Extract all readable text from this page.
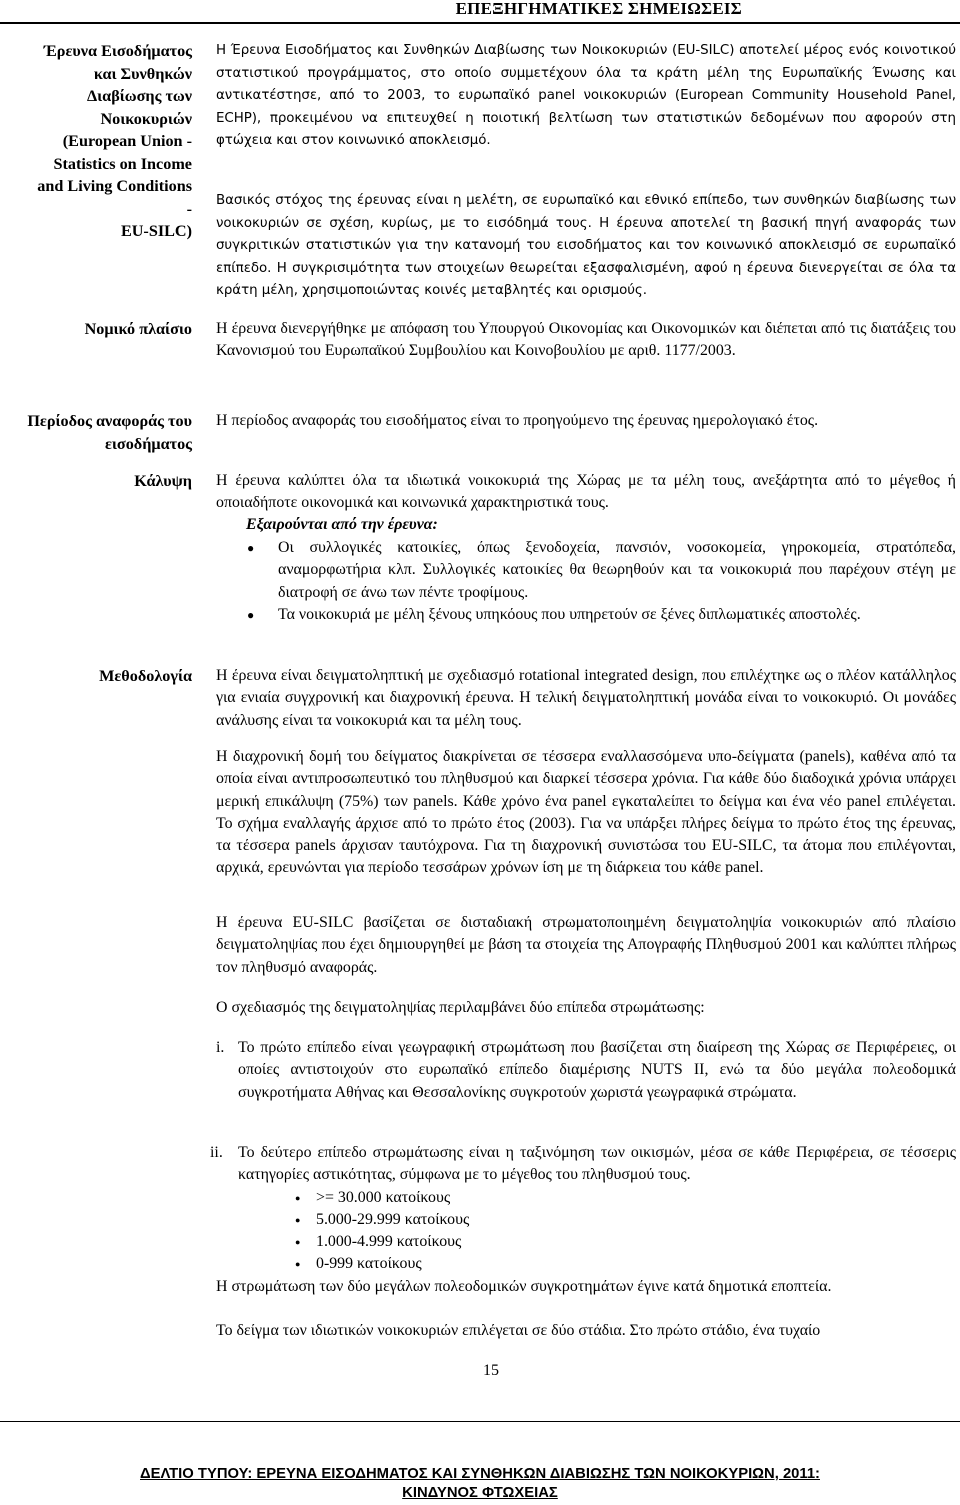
ΕΠΕΞΗΓΗΜΑΤΙΚΕΣ ΣΗΜΕΙΩΣΕΙΣ
Έρευνα Εισοδήματος
και Συνθηκών
Διαβίωσης των
Νοικοκυριών
(European Union -
Statistics on Income
and Living Conditions
-
EU-SILC)
Η Έρευνα Εισοδήματος και Συνθηκών Διαβίωσης των Νοικοκυριών (EU-SILC) αποτελεί μέρος ενός κοινοτικού στατιστικού προγράμματος, στο οποίο συμμετέχουν όλα τα κράτη μέλη της Ευρωπαϊκής Ένωσης και αντικατέστησε, από το 2003, το ευρωπαϊκό panel νοικοκυριών (European Community Household Panel, ECHP), προκειμένου να επιτευχθεί η ποιοτική βελτίωση των στατιστικών δεδομένων που αφορούν στη φτώχεια και στον κοινωνικό αποκλεισμό.
Βασικός στόχος της έρευνας είναι η μελέτη, σε ευρωπαϊκό και εθνικό επίπεδο, των συνθηκών διαβίωσης των νοικοκυριών σε σχέση, κυρίως, με το εισόδημά τους. Η έρευνα αποτελεί τη βασική πηγή αναφοράς των συγκριτικών στατιστικών για την κατανομή του εισοδήματος και τον κοινωνικό αποκλεισμό σε ευρωπαϊκό επίπεδο. Η συγκρισιμότητα των στοιχείων θεωρείται εξασφαλισμένη, αφού η έρευνα διενεργείται σε όλα τα κράτη μέλη, χρησιμοποιώντας κοινές μεταβλητές και ορισμούς.
Νομικό πλαίσιο Η έρευνα διενεργήθηκε με απόφαση του Υπουργού Οικονομίας και Οικονομικών και διέπεται από τις διατάξεις του Κανονισμού του Ευρωπαϊκού Συμβουλίου και Κοινοβουλίου με αριθ. 1177/2003.
Περίοδος αναφοράς του
εισοδήματος
Η περίοδος αναφοράς του εισοδήματος είναι το προηγούμενο της έρευνας ημερολογιακό έτος.
Κάλυψη Η έρευνα καλύπτει όλα τα ιδιωτικά νοικοκυριά της Χώρας με τα μέλη τους, ανεξάρτητα από το μέγεθος ή οποιαδήποτε οικονομικά και κοινωνικά χαρακτηριστικά τους.
Εξαιρούνται από την έρευνα:
● Οι συλλογικές κατοικίες, όπως ξενοδοχεία, πανσιόν, νοσοκομεία, γηροκομεία, στρατόπεδα, αναμορφωτήρια κλπ. Συλλογικές κατοικίες θα θεωρηθούν και τα νοικοκυριά που παρέχουν στέγη με διατροφή σε άνω των πέντε τροφίμους.
● Τα νοικοκυριά με μέλη ξένους υπηκόους που υπηρετούν σε ξένες διπλωματικές αποστολές.
Μεθοδολογία Η έρευνα είναι δειγματοληπτική με σχεδιασμό rotational integrated design, που επιλέχτηκε ως ο πλέον κατάλληλος για ενιαία συγχρονική και διαχρονική έρευνα. Η τελική δειγματοληπτική μονάδα είναι το νοικοκυριό. Οι μονάδες ανάλυσης είναι τα νοικοκυριά και τα μέλη τους.
Η διαχρονική δομή του δείγματος διακρίνεται σε τέσσερα εναλλασσόμενα υπο-δείγματα (panels), καθένα από τα οποία είναι αντιπροσωπευτικό του πληθυσμού και διαρκεί τέσσερα χρόνια. Για κάθε δύο διαδοχικά χρόνια υπάρχει μερική επικάλυψη (75%) των panels. Κάθε χρόνο ένα panel εγκαταλείπει το δείγμα και ένα νέο panel επιλέγεται. Το σχήμα εναλλαγής άρχισε από το πρώτο έτος (2003). Για να υπάρξει πλήρες δείγμα το πρώτο έτος της έρευνας, τα τέσσερα panels άρχισαν ταυτόχρονα. Για τη διαχρονική συνιστώσα του EU-SILC, τα άτομα που επιλέγονται, αρχικά, ερευνώνται για περίοδο τεσσάρων χρόνων ίση με τη διάρκεια του κάθε panel.
Η έρευνα EU-SILC βασίζεται σε δισταδιακή στρωματοποιημένη δειγματοληψία νοικοκυριών από πλαίσιο δειγματοληψίας που έχει δημιουργηθεί με βάση τα στοιχεία της Απογραφής Πληθυσμού 2001 και καλύπτει πλήρως τον πληθυσμό αναφοράς.
Ο σχεδιασμός της δειγματοληψίας περιλαμβάνει δύο επίπεδα στρωμάτωσης:
i. Το πρώτο επίπεδο είναι γεωγραφική στρωμάτωση που βασίζεται στη διαίρεση της Χώρας σε Περιφέρειες, οι οποίες αντιστοιχούν στο ευρωπαϊκό επίπεδο διαμέρισης NUTS II, ενώ τα δύο μεγάλα πολεοδομικά συγκροτήματα Αθήνας και Θεσσαλονίκης συγκροτούν χωριστά γεωγραφικά στρώματα.
ii. Το δεύτερο επίπεδο στρωμάτωσης είναι η ταξινόμηση των οικισμών, μέσα σε κάθε Περιφέρεια, σε τέσσερις κατηγορίες αστικότητας, σύμφωνα με το μέγεθος του πληθυσμού τους.
● >= 30.000 κατοίκους
● 5.000-29.999 κατοίκους
● 1.000-4.999 κατοίκους
● 0-999 κατοίκους
Η στρωμάτωση των δύο μεγάλων πολεοδομικών συγκροτημάτων έγινε κατά δημοτικά εποπτεία.
Το δείγμα των ιδιωτικών νοικοκυριών επιλέγεται σε δύο στάδια. Στο πρώτο στάδιο, ένα τυχαίο
15
ΔΕΛΤΙΟ ΤΥΠΟΥ: ΕΡΕΥΝΑ ΕΙΣΟΔΗΜΑΤΟΣ ΚΑΙ ΣΥΝΘΗΚΩΝ ΔΙΑΒΙΩΣΗΣ ΤΩΝ ΝΟΙΚΟΚΥΡΙΩΝ, 2011:
ΚΙΝΔΥΝΟΣ ΦΤΩΧΕΙΑΣ
